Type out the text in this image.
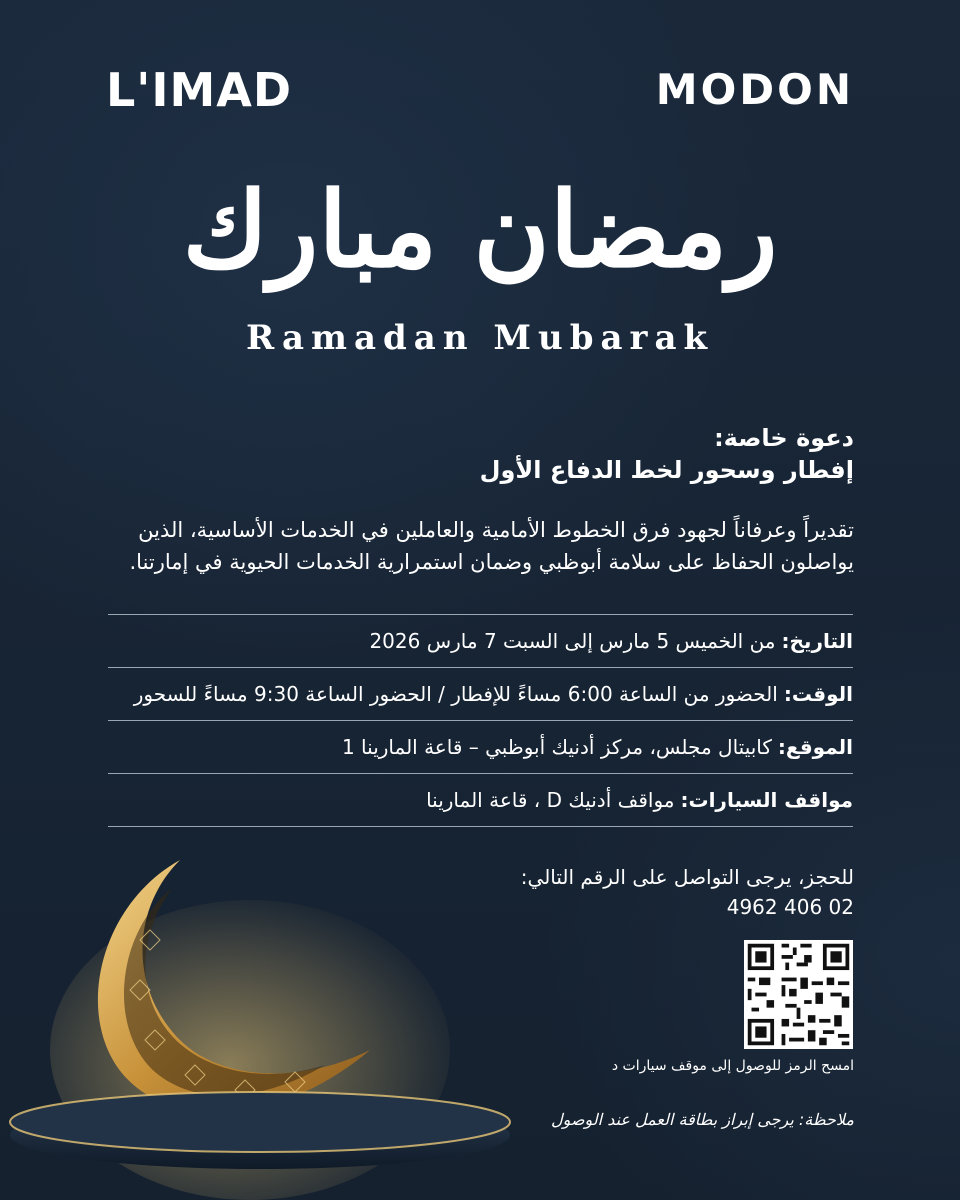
L'IMAD	MODON
رمضان مبارك
Ramadan Mubarak
دعوة خاصة:
إفطار وسحور لخط الدفاع الأول
تقديراً وعرفاناً لجهود فرق الخطوط الأمامية والعاملين في الخدمات الأساسية، الذين يواصلون الحفاظ على سلامة أبوظبي وضمان استمرارية الخدمات الحيوية في إمارتنا.
التاريخ:
من الخميس 5 مارس إلى السبت 7 مارس 2026
الوقت:
الحضور من الساعة 6:00 مساءً للإفطار / الحضور الساعة 9:30 مساءً للسحور
الموقع:
كابيتال مجلس، مركز أدنيك أبوظبي – قاعة المارينا 1
مواقف السيارات:
مواقف أدنيك D ، قاعة المارينا
للحجز، يرجى التواصل على الرقم التالي:
02 406 4962
امسح الرمز للوصول إلى موقف سيارات د
ملاحظة: يرجى إبراز بطاقة العمل عند الوصول
